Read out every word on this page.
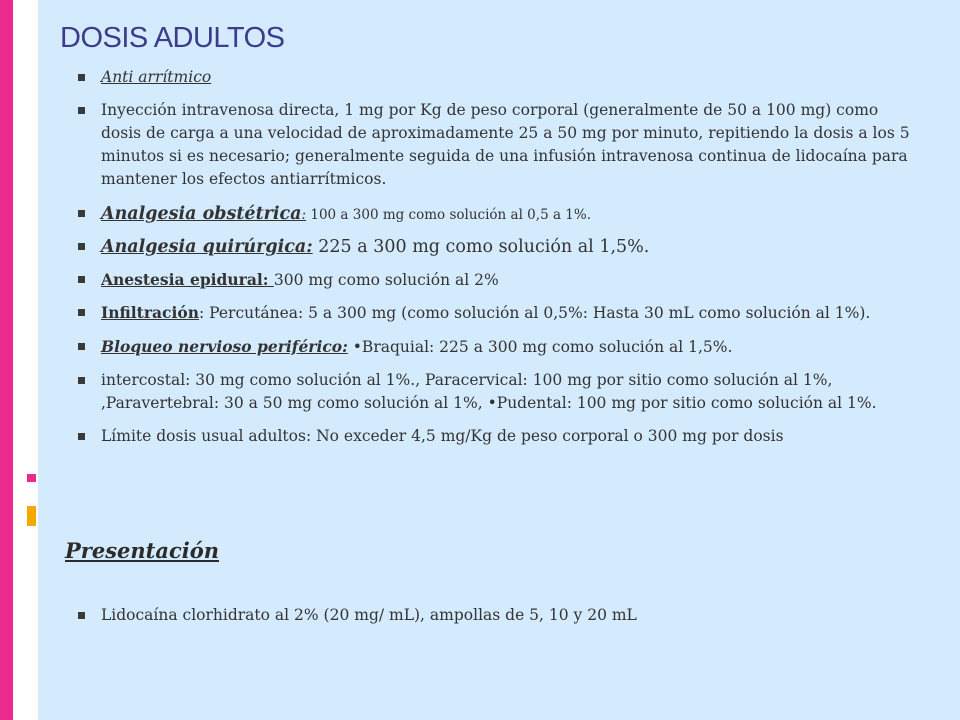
DOSIS ADULTOS
Anti arrítmico
Inyección intravenosa directa, 1 mg por Kg de peso corporal (generalmente de 50 a 100 mg) como dosis de carga a una velocidad de aproximadamente 25 a 50 mg por minuto, repitiendo la dosis a los 5 minutos si es necesario; generalmente seguida de una infusión intravenosa continua de lidocaína para mantener los efectos antiarrítmicos.
Analgesia obstétrica: 100 a 300 mg como solución al 0,5 a 1%.
Analgesia quirúrgica: 225 a 300 mg como solución al 1,5%.
Anestesia epidural: 300 mg como solución al 2%
Infiltración: Percutánea: 5 a 300 mg (como solución al 0,5%: Hasta 30 mL como solución al 1%).
Bloqueo nervioso periférico: •Braquial: 225 a 300 mg como solución al 1,5%.
intercostal: 30 mg como solución al 1%., Paracervical: 100 mg por sitio como solución al 1%, ,Paravertebral: 30 a 50 mg como solución al 1%, •Pudental: 100 mg por sitio como solución al 1%.
Límite dosis usual adultos: No exceder 4,5 mg/Kg de peso corporal o 300 mg por dosis
Presentación
Lidocaína clorhidrato al 2% (20 mg/ mL), ampollas de 5, 10 y 20 mL
